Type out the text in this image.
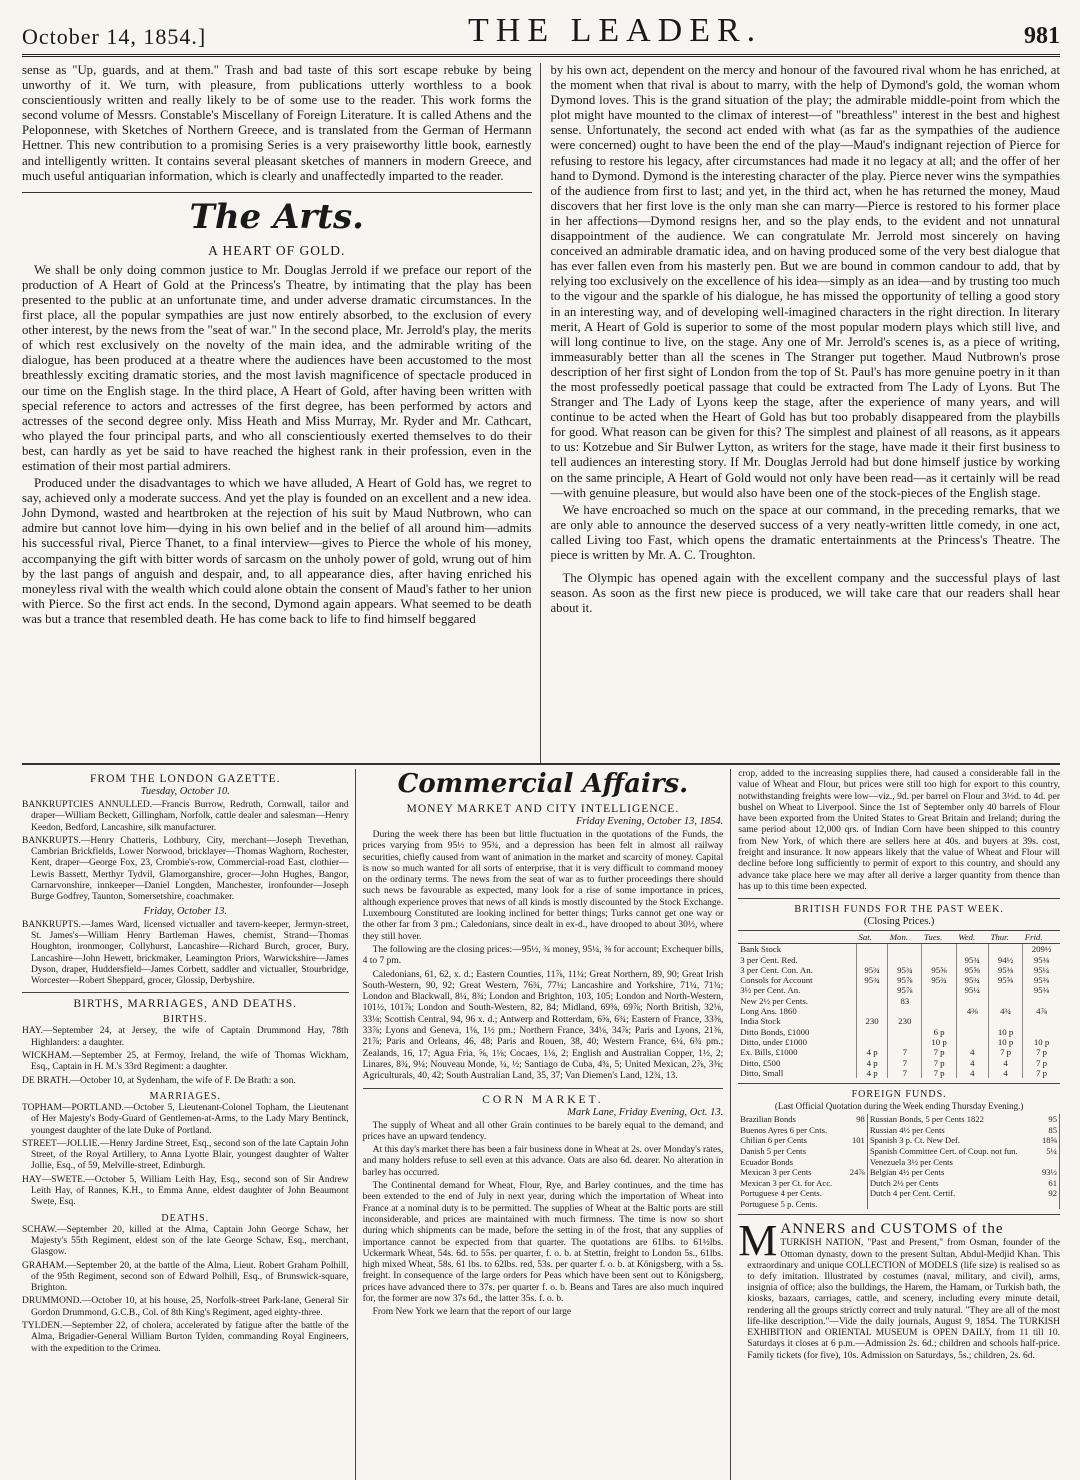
October 14, 1854.]	THE LEADER.	981

sense as "Up, guards, and at them." Trash and bad taste of this sort escape rebuke by being unworthy of it. We turn, with pleasure, from publications utterly worthless to a book conscientiously written and really likely to be of some use to the reader. This work forms the second volume of Messrs. Constable's Miscellany of Foreign Literature. It is called Athens and the Peloponnese, with Sketches of Northern Greece, and is translated from the German of Hermann Hettner. This new contribution to a promising Series is a very praiseworthy little book, earnestly and intelligently written. It contains several pleasant sketches of manners in modern Greece, and much useful antiquarian information, which is clearly and unaffectedly imparted to the reader.

The Arts.
A HEART OF GOLD.

We shall be only doing common justice to Mr. Douglas Jerrold if we preface our report of the production of A Heart of Gold at the Princess's Theatre, by intimating that the play has been presented to the public at an unfortunate time, and under adverse dramatic circumstances. In the first place, all the popular sympathies are just now entirely absorbed, to the exclusion of every other interest, by the news from the "seat of war." In the second place, Mr. Jerrold's play, the merits of which rest exclusively on the novelty of the main idea, and the admirable writing of the dialogue, has been produced at a theatre where the audiences have been accustomed to the most breathlessly exciting dramatic stories, and the most lavish magnificence of spectacle produced in our time on the English stage. In the third place, A Heart of Gold, after having been written with special reference to actors and actresses of the first degree, has been performed by actors and actresses of the second degree only. Miss Heath and Miss Murray, Mr. Ryder and Mr. Cathcart, who played the four principal parts, and who all conscientiously exerted themselves to do their best, can hardly as yet be said to have reached the highest rank in their profession, even in the estimation of their most partial admirers.

Produced under the disadvantages to which we have alluded, A Heart of Gold has, we regret to say, achieved only a moderate success. And yet the play is founded on an excellent and a new idea. John Dymond, wasted and heartbroken at the rejection of his suit by Maud Nutbrown, who can admire but cannot love him—dying in his own belief and in the belief of all around him—admits his successful rival, Pierce Thanet, to a final interview—gives to Pierce the whole of his money, accompanying the gift with bitter words of sarcasm on the unholy power of gold, wrung out of him by the last pangs of anguish and despair, and, to all appearance dies, after having enriched his moneyless rival with the wealth which could alone obtain the consent of Maud's father to her union with Pierce. So the first act ends. In the second, Dymond again appears. What seemed to be death was but a trance that resembled death. He has come back to life to find himself beggared

by his own act, dependent on the mercy and honour of the favoured rival whom he has enriched, at the moment when that rival is about to marry, with the help of Dymond's gold, the woman whom Dymond loves. This is the grand situation of the play; the admirable middle-point from which the plot might have mounted to the climax of interest—of "breathless" interest in the best and highest sense. Unfortunately, the second act ended with what (as far as the sympathies of the audience were concerned) ought to have been the end of the play—Maud's indignant rejection of Pierce for refusing to restore his legacy, after circumstances had made it no legacy at all; and the offer of her hand to Dymond. Dymond is the interesting character of the play. Pierce never wins the sympathies of the audience from first to last; and yet, in the third act, when he has returned the money, Maud discovers that her first love is the only man she can marry—Pierce is restored to his former place in her affections—Dymond resigns her, and so the play ends, to the evident and not unnatural disappointment of the audience. We can congratulate Mr. Jerrold most sincerely on having conceived an admirable dramatic idea, and on having produced some of the very best dialogue that has ever fallen even from his masterly pen. But we are bound in common candour to add, that by relying too exclusively on the excellence of his idea—simply as an idea—and by trusting too much to the vigour and the sparkle of his dialogue, he has missed the opportunity of telling a good story in an interesting way, and of developing well-imagined characters in the right direction. In literary merit, A Heart of Gold is superior to some of the most popular modern plays which still live, and will long continue to live, on the stage. Any one of Mr. Jerrold's scenes is, as a piece of writing, immeasurably better than all the scenes in The Stranger put together. Maud Nutbrown's prose description of her first sight of London from the top of St. Paul's has more genuine poetry in it than the most professedly poetical passage that could be extracted from The Lady of Lyons. But The Stranger and The Lady of Lyons keep the stage, after the experience of many years, and will continue to be acted when the Heart of Gold has but too probably disappeared from the playbills for good. What reason can be given for this? The simplest and plainest of all reasons, as it appears to us: Kotzebue and Sir Bulwer Lytton, as writers for the stage, have made it their first business to tell audiences an interesting story. If Mr. Douglas Jerrold had but done himself justice by working on the same principle, A Heart of Gold would not only have been read—as it certainly will be read—with genuine pleasure, but would also have been one of the stock-pieces of the English stage.

We have encroached so much on the space at our command, in the preceding remarks, that we are only able to announce the deserved success of a very neatly-written little comedy, in one act, called Living too Fast, which opens the dramatic entertainments at the Princess's Theatre. The piece is written by Mr. A. C. Troughton.

The Olympic has opened again with the excellent company and the successful plays of last season. As soon as the first new piece is produced, we will take care that our readers shall hear about it.

FROM THE LONDON GAZETTE.
Tuesday, October 10.

BANKRUPTCIES ANNULLED.—Francis Burrow, Redruth, Cornwall, tailor and draper—William Beckett, Gillingham, Norfolk, cattle dealer and salesman—Henry Keedon, Bedford, Lancashire, silk manufacturer.

BANKRUPTS.—Henry Chatteris, Lothbury, City, merchant—Joseph Trevethan, Cambrian Brickfields, Lower Norwood, bricklayer—Thomas Waghorn, Rochester, Kent, draper—George Fox, 23, Crombie's-row, Commercial-road East, clothier—Lewis Bassett, Merthyr Tydvil, Glamorganshire, grocer—John Hughes, Bangor, Carnarvonshire, innkeeper—Daniel Longden, Manchester, ironfounder—Joseph Burge Godfrey, Taunton, Somersetshire, coachmaker.

Friday, October 13.

BANKRUPTS.—James Ward, licensed victualler and tavern-keeper, Jermyn-street, St. James's—William Henry Bartleman Hawes, chemist, Strand—Thomas Houghton, ironmonger, Collyhurst, Lancashire—Richard Burch, grocer, Bury, Lancashire—John Hewett, brickmaker, Leamington Priors, Warwickshire—James Dyson, draper, Huddersfield—James Corbett, saddler and victualler, Stourbridge, Worcester—Robert Sheppard, grocer, Glossip, Derbyshire.

BIRTHS, MARRIAGES, AND DEATHS.
BIRTHS.

HAY.—September 24, at Jersey, the wife of Captain Drummond Hay, 78th Highlanders: a daughter.

WICKHAM.—September 25, at Fermoy, Ireland, the wife of Thomas Wickham, Esq., Captain in H. M.'s 33rd Regiment: a daughter.

DE BRATH.—October 10, at Sydenham, the wife of F. De Brath: a son.

MARRIAGES.

TOPHAM—PORTLAND.—October 5, Lieutenant-Colonel Topham, the Lieutenant of Her Majesty's Body-Guard of Gentlemen-at-Arms, to the Lady Mary Bentinck, youngest daughter of the late Duke of Portland.

STREET—JOLLIE.—Henry Jardine Street, Esq., second son of the late Captain John Street, of the Royal Artillery, to Anna Lyotte Blair, youngest daughter of Walter Jollie, Esq., of 59, Melville-street, Edinburgh.

HAY—SWETE.—October 5, William Leith Hay, Esq., second son of Sir Andrew Leith Hay, of Rannes, K.H., to Emma Anne, eldest daughter of John Beaumont Swete, Esq.

DEATHS.

SCHAW.—September 20, killed at the Alma, Captain John George Schaw, her Majesty's 55th Regiment, eldest son of the late George Schaw, Esq., merchant, Glasgow.

GRAHAM.—September 20, at the battle of the Alma, Lieut. Robert Graham Polhill, of the 95th Regiment, second son of Edward Polhill, Esq., of Brunswick-square, Brighton.

DRUMMOND.—October 10, at his house, 25, Norfolk-street Park-lane, General Sir Gordon Drummond, G.C.B., Col. of 8th King's Regiment, aged eighty-three.

TYLDEN.—September 22, of cholera, accelerated by fatigue after the battle of the Alma, Brigadier-General William Burton Tylden, commanding Royal Engineers, with the expedition to the Crimea.

Commercial Affairs.
MONEY MARKET AND CITY INTELLIGENCE.
Friday Evening, October 13, 1854.

During the week there has been but little fluctuation in the quotations of the Funds, the prices varying from 95½ to 95¾, and a depression has been felt in almost all railway securities, chiefly caused from want of animation in the market and scarcity of money. Capital is now so much wanted for all sorts of enterprise, that it is very difficult to command money on the ordinary terms. The news from the seat of war as to further proceedings there should such news be favourable as expected, many look for a rise of some importance in prices, although experience proves that news of all kinds is mostly discounted by the Stock Exchange. Luxembourg Constituted are looking inclined for better things; Turks cannot get one way or the other far from 3 pm.; Caledonians, since dealt in ex-d., have drooped to about 30½, where they still hover.

The following are the closing prices:—95½, ¾ money, 95¼, ⅜ for account; Exchequer bills, 4 to 7 pm.

Caledonians, 61, 62, x. d.; Eastern Counties, 11⅞, 11¼; Great Northern, 89, 90; Great Irish South-Western, 90, 92; Great Western, 76¾, 77¼; Lancashire and Yorkshire, 71¼, 71¾; London and Blackwall, 8¼, 8¾; London and Brighton, 103, 105; London and North-Western, 101½, 101⅞; London and South-Western, 82, 84; Midland, 69⅜, 69⅞; North British, 32⅛, 33⅛; Scottish Central, 94, 96 x. d.; Antwerp and Rotterdam, 6⅝, 6¾; Eastern of France, 33⅜, 33⅞; Lyons and Geneva, 1⅛, 1½ pm.; Northern France, 34⅛, 34⅞; Paris and Lyons, 21⅜, 21⅞; Paris and Orleans, 46, 48; Paris and Rouen, 38, 40; Western France, 6¼, 6¾ pm.; Zealands, 16, 17; Agua Fria, ⅝, 1⅛; Cocaes, 1⅛, 2; English and Australian Copper, 1½, 2; Linares, 8¾, 9¼; Nouveau Monde, ¼, ½; Santiago de Cuba, 4¾, 5; United Mexican, 2⅞, 3⅜; Agriculturals, 40, 42; South Australian Land, 35, 37; Van Diemen's Land, 12¾, 13.

CORN MARKET.
Mark Lane, Friday Evening, Oct. 13.

The supply of Wheat and all other Grain continues to be barely equal to the demand, and prices have an upward tendency.

At this day's market there has been a fair business done in Wheat at 2s. over Monday's rates, and many holders refuse to sell even at this advance. Oats are also 6d. dearer. No alteration in barley has occurred.

The Continental demand for Wheat, Flour, Rye, and Barley continues, and the time has been extended to the end of July in next year, during which the importation of Wheat into France at a nominal duty is to be permitted. The supplies of Wheat at the Baltic ports are still inconsiderable, and prices are maintained with much firmness. The time is now so short during which shipments can be made, before the setting in of the frost, that any supplies of importance cannot be expected from that quarter. The quotations are 61lbs. to 61½lbs. Uckermark Wheat, 54s. 6d. to 55s. per quarter, f. o. b. at Stettin, freight to London 5s., 61lbs. high mixed Wheat, 58s. 61 lbs. to 62lbs. red, 53s. per quarter f. o. b. at Königsberg, with a 5s. freight. In consequence of the large orders for Peas which have been sent out to Königsberg, prices have advanced there to 37s. per quarter f. o. b. Beans and Tares are also much inquired for, the former are now 37s 6d., the latter 35s. f. o. b.

From New York we learn that the report of our large

crop, added to the increasing supplies there, had caused a considerable fall in the value of Wheat and Flour, but prices were still too high for export to this country, notwithstanding freights were low—viz., 9d. per barrel on Flour and 3½d. to 4d. per bushel on Wheat to Liverpool. Since the 1st of September only 40 barrels of Flour have been exported from the United States to Great Britain and Ireland; during the same period about 12,000 qrs. of Indian Corn have been shipped to this country from New York, of which there are sellers here at 40s. and buyers at 39s. cost, freight and insurance. It now appears likely that the value of Wheat and Flour will decline before long sufficiently to permit of export to this country, and should any advance take place here we may after all derive a larger quantity from thence than has up to this time been expected.

BRITISH FUNDS FOR THE PAST WEEK.
(Closing Prices.)
	Sat.	Mon.	Tues.	Wed.	Thur.	Frid.
Bank Stock						209½
3 per Cent. Red.				95¾	94½	95⅜
3 per Cent. Con. An.	95¾	95¾	95⅝	95⅝	95⅜	95¼
Consols for Account	95¾	95⅞	95¾	95¾	95⅝	95⅜
3½ per Cent. An.		95⅞		95¼		95⅜
New 2½ per Cents.		83				
Long Ans. 1860				4⅜	4¾	4⅞
India Stock	230	230				
Ditto Bonds, £1000			6 p		10 p	
Ditto, under £1000			10 p		10 p	10 p
Ex. Bills, £1000	4 p	7	7 p	4	7 p	7 p
Ditto, £500	4 p	7	7 p	4	4	7 p
Ditto, Small	4 p	7	7 p	4	4	7 p
FOREIGN FUNDS.
(Last Official Quotation during the Week ending Thursday Evening.)
Brazilian Bonds	98	Russian Bonds, 5 per Cents 1822	95
Buenos Ayres 6 per Cnts.		Russian 4½ per Cents	85
Chilian 6 per Cents	101	Spanish 3 p. Ct. New Def.	18⅝
Danish 5 per Cents		Spanish Committee Cert. of Coup. not fun.	5¼
Ecuador Bonds		Venezuela 3½ per Cents	
Mexican 3 per Cents	24⅞	Belgian 4½ per Cents	93½
Mexican 3 per Ct. for Acc.		Dutch 2½ per Cents	61
Portuguese 4 per Cents.		Dutch 4 per Cent. Certif.	92
Portuguese 5 p. Cents.			
M ANNERS and CUSTOMS of the

TURKISH NATION, "Past and Present," from Osman, founder of the Ottoman dynasty, down to the present Sultan, Abdul-Medjid Khan. This extraordinary and unique COLLECTION of MODELS (life size) is realised so as to defy imitation. Illustrated by costumes (naval, military, and civil), arms, insignia of office; also the buildings, the Harem, the Hamam, or Turkish bath, the kiosks, bazaars, carriages, cattle, and scenery, including every minute detail, rendering all the groups strictly correct and truly natural. "They are all of the most life-like description."—Vide the daily journals, August 9, 1854. The TURKISH EXHIBITION and ORIENTAL MUSEUM is OPEN DAILY, from 11 till 10. Saturdays it closes at 6 p.m.—Admission 2s. 6d.; children and schools half-price. Family tickets (for five), 10s. Admission on Saturdays, 5s.; children, 2s. 6d.
